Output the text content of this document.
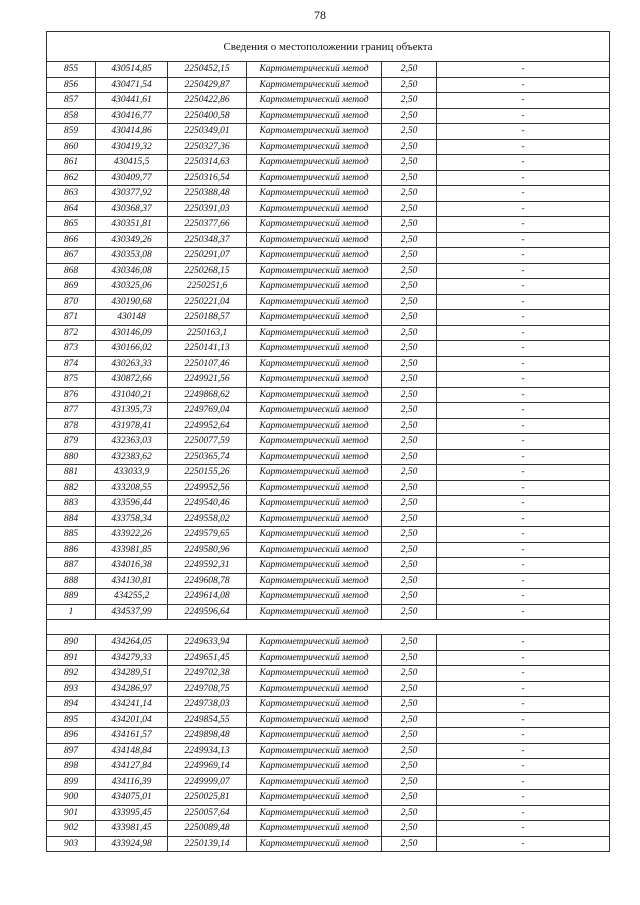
78
Сведения о местоположении границ объекта					
855	430514,85	2250452,15	Картометрический метод	2,50	-
856	430471,54	2250429,87	Картометрический метод	2,50	-
857	430441,61	2250422,86	Картометрический метод	2,50	-
858	430416,77	2250400,58	Картометрический метод	2,50	-
859	430414,86	2250349,01	Картометрический метод	2,50	-
860	430419,32	2250327,36	Картометрический метод	2,50	-
861	430415,5	2250314,63	Картометрический метод	2,50	-
862	430409,77	2250316,54	Картометрический метод	2,50	-
863	430377,92	2250388,48	Картометрический метод	2,50	-
864	430368,37	2250391,03	Картометрический метод	2,50	-
865	430351,81	2250377,66	Картометрический метод	2,50	-
866	430349,26	2250348,37	Картометрический метод	2,50	-
867	430353,08	2250291,07	Картометрический метод	2,50	-
868	430346,08	2250268,15	Картометрический метод	2,50	-
869	430325,06	2250251,6	Картометрический метод	2,50	-
870	430190,68	2250221,04	Картометрический метод	2,50	-
871	430148	2250188,57	Картометрический метод	2,50	-
872	430146,09	2250163,1	Картометрический метод	2,50	-
873	430166,02	2250141,13	Картометрический метод	2,50	-
874	430263,33	2250107,46	Картометрический метод	2,50	-
875	430872,66	2249921,56	Картометрический метод	2,50	-
876	431040,21	2249868,62	Картометрический метод	2,50	-
877	431395,73	2249769,04	Картометрический метод	2,50	-
878	431978,41	2249952,64	Картометрический метод	2,50	-
879	432363,03	2250077,59	Картометрический метод	2,50	-
880	432383,62	2250365,74	Картометрический метод	2,50	-
881	433033,9	2250155,26	Картометрический метод	2,50	-
882	433208,55	2249952,56	Картометрический метод	2,50	-
883	433596,44	2249540,46	Картометрический метод	2,50	-
884	433758,34	2249558,02	Картометрический метод	2,50	-
885	433922,26	2249579,65	Картометрический метод	2,50	-
886	433981,85	2249580,96	Картометрический метод	2,50	-
887	434016,38	2249592,31	Картометрический метод	2,50	-
888	434130,81	2249608,78	Картометрический метод	2,50	-
889	434255,2	2249614,08	Картометрический метод	2,50	-
1	434537,99	2249596,64	Картометрический метод	2,50	-

890	434264,05	2249633,94	Картометрический метод	2,50	-
891	434279,33	2249651,45	Картометрический метод	2,50	-
892	434289,51	2249702,38	Картометрический метод	2,50	-
893	434286,97	2249708,75	Картометрический метод	2,50	-
894	434241,14	2249738,03	Картометрический метод	2,50	-
895	434201,04	2249854,55	Картометрический метод	2,50	-
896	434161,57	2249898,48	Картометрический метод	2,50	-
897	434148,84	2249934,13	Картометрический метод	2,50	-
898	434127,84	2249969,14	Картометрический метод	2,50	-
899	434116,39	2249999,07	Картометрический метод	2,50	-
900	434075,01	2250025,81	Картометрический метод	2,50	-
901	433995,45	2250057,64	Картометрический метод	2,50	-
902	433981,45	2250089,48	Картометрический метод	2,50	-
903	433924,98	2250139,14	Картометрический метод	2,50	-
